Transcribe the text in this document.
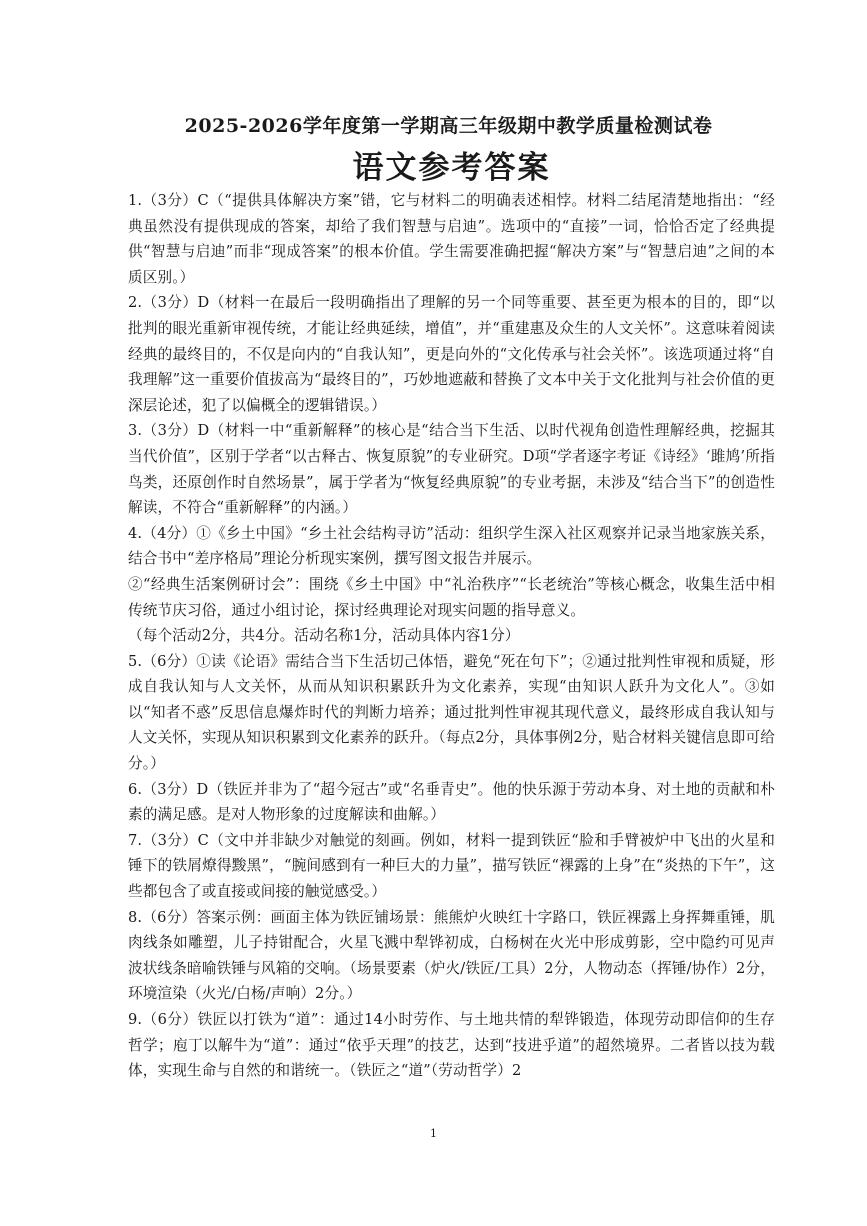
2025-2026学年度第一学期高三年级期中教学质量检测试卷
语文参考答案

1.（3分）C（“提供具体解决方案”错，它与材料二的明确表述相悖。材料二结尾清楚地指出：“经典虽然没有提供现成的答案，却给了我们智慧与启迪”。选项中的“直接”一词，恰恰否定了经典提供“智慧与启迪”而非“现成答案”的根本价值。学生需要准确把握“解决方案”与“智慧启迪”之间的本质区别。）

2.（3分）D（材料一在最后一段明确指出了理解的另一个同等重要、甚至更为根本的目的，即“以批判的眼光重新审视传统，才能让经典延续，增值”，并“重建惠及众生的人文关怀”。这意味着阅读经典的最终目的，不仅是向内的“自我认知”，更是向外的“文化传承与社会关怀”。该选项通过将“自我理解”这一重要价值拔高为“最终目的”，巧妙地遮蔽和替换了文本中关于文化批判与社会价值的更深层论述，犯了以偏概全的逻辑错误。）

3.（3分）D（材料一中“重新解释”的核心是“结合当下生活、以时代视角创造性理解经典，挖掘其当代价值”，区别于学者“以古释古、恢复原貌”的专业研究。D项“学者逐字考证《诗经》‘雎鸠’所指鸟类，还原创作时自然场景”，属于学者为“恢复经典原貌”的专业考据，未涉及“结合当下”的创造性解读，不符合“重新解释”的内涵。）

4.（4分）①《乡土中国》“乡土社会结构寻访”活动：组织学生深入社区观察并记录当地家族关系，结合书中“差序格局”理论分析现实案例，撰写图文报告并展示。

②“经典生活案例研讨会”：围绕《乡土中国》中“礼治秩序”“长老统治”等核心概念，收集生活中相传统节庆习俗，通过小组讨论，探讨经典理论对现实问题的指导意义。

（每个活动2分，共4分。活动名称1分，活动具体内容1分）

5.（6分）①读《论语》需结合当下生活切己体悟，避免“死在句下”；②通过批判性审视和质疑，形成自我认知与人文关怀，从而从知识积累跃升为文化素养，实现“由知识人跃升为文化人”。③如以“知者不惑”反思信息爆炸时代的判断力培养；通过批判性审视其现代意义，最终形成自我认知与人文关怀，实现从知识积累到文化素养的跃升。（每点2分，具体事例2分，贴合材料关键信息即可给分。）

6.（3分）D（铁匠并非为了“超今冠古”或“名垂青史”。他的快乐源于劳动本身、对土地的贡献和朴素的满足感。是对人物形象的过度解读和曲解。）

7.（3分）C（文中并非缺少对触觉的刻画。例如，材料一提到铁匠“脸和手臂被炉中飞出的火星和锤下的铁屑燎得黢黑”，“腕间感到有一种巨大的力量”，描写铁匠“裸露的上身”在“炎热的下午”，这些都包含了或直接或间接的触觉感受。）

8.（6分）答案示例：画面主体为铁匠铺场景：熊熊炉火映红十字路口，铁匠裸露上身挥舞重锤，肌肉线条如雕塑，儿子持钳配合，火星飞溅中犁铧初成，白杨树在火光中形成剪影，空中隐约可见声波状线条暗喻铁锤与风箱的交响。（场景要素（炉火/铁匠/工具）2分，人物动态（挥锤/协作）2分，环境渲染（火光/白杨/声响）2分。）

9.（6分）铁匠以打铁为“道”：通过14小时劳作、与土地共情的犁铧锻造，体现劳动即信仰的生存哲学；庖丁以解牛为“道”：通过“依乎天理”的技艺，达到“技进乎道”的超然境界。二者皆以技为载体，实现生命与自然的和谐统一。（铁匠之“道”（劳动哲学）2

1
